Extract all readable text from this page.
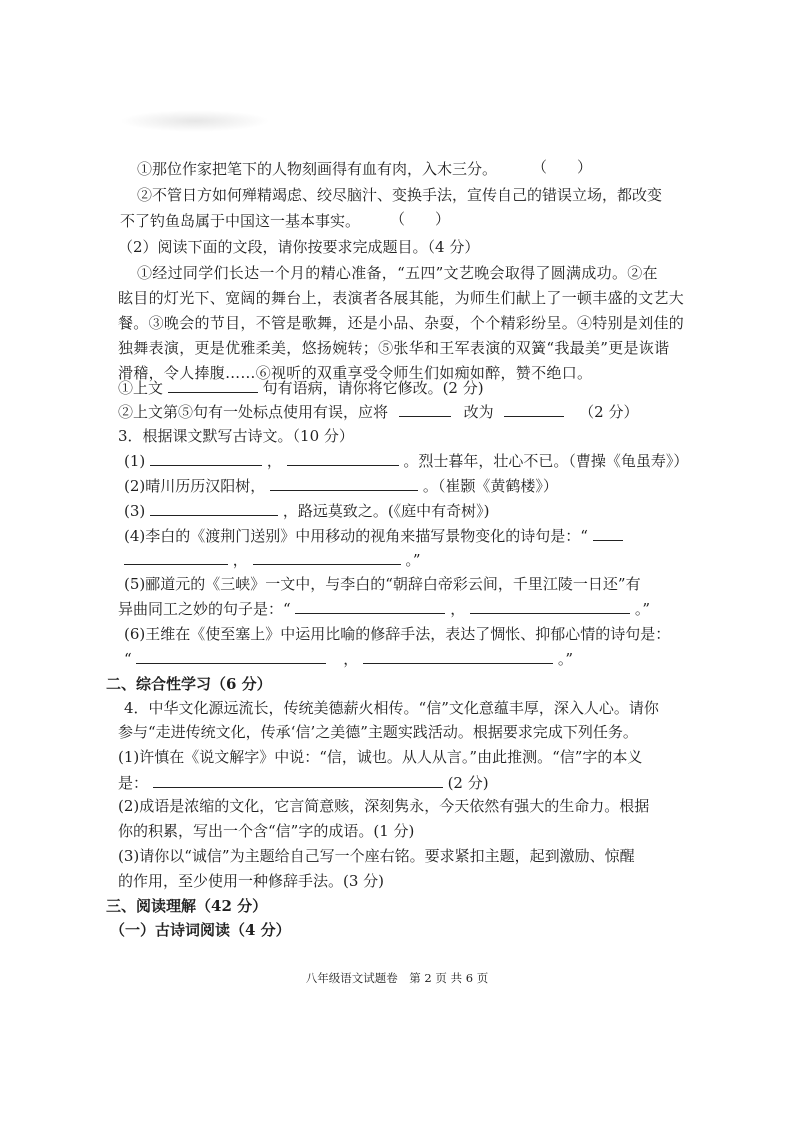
①那位作家把笔下的人物刻画得有血有肉，入木三分。 （　　）
②不管日方如何殚精竭虑、绞尽脑汁、变换手法，宣传自己的错误立场，都改变
不了钓鱼岛属于中国这一基本事实。 （　　）
（2）阅读下面的文段，请你按要求完成题目。（4 分）
①经过同学们长达一个月的精心准备，“五四”文艺晚会取得了圆满成功。②在
眩目的灯光下、宽阔的舞台上，表演者各展其能，为师生们献上了一顿丰盛的文艺大
餐。③晚会的节目，不管是歌舞，还是小品、杂耍，个个精彩纷呈。④特别是刘佳的
独舞表演，更是优雅柔美，悠扬婉转；⑤张华和王军表演的双簧“我最美”更是诙谐
滑稽，令人捧腹……⑥视听的双重享受令师生们如痴如醉，赞不绝口。
①上文	句有语病，请你将它修改。(2 分)
②上文第⑤句有一处标点使用有误，应将	改为	（2 分）
3．根据课文默写古诗文。（10 分）
(1)	，	。烈士暮年，壮心不已。（曹操《龟虽寿》）
(2)晴川历历汉阳树，	。（崔颢《黄鹤楼》）
(3)	，路远莫致之。(《庭中有奇树》)
(4)李白的《渡荆门送别》中用移动的视角来描写景物变化的诗句是：“
，	。”
(5)郦道元的《三峡》一文中，与李白的“朝辞白帝彩云间，千里江陵一日还”有
异曲同工之妙的句子是：“	，	。”
(6)王维在《使至塞上》中运用比喻的修辞手法，表达了惆怅、抑郁心情的诗句是：
“	，	。”
二、综合性学习（6 分）
4．中华文化源远流长，传统美德薪火相传。“信”文化意蕴丰厚，深入人心。请你
参与“走进传统文化，传承‘信’之美德”主题实践活动。根据要求完成下列任务。
(1)许慎在《说文解字》中说：“信，诚也。从人从言。”由此推测。“信”字的本义
是：	(2 分)
(2)成语是浓缩的文化，它言简意赅，深刻隽永，今天依然有强大的生命力。根据
你的积累，写出一个含“信”字的成语。(1 分)
(3)请你以“诚信”为主题给自己写一个座右铭。要求紧扣主题，起到激励、惊醒
的作用，至少使用一种修辞手法。(3 分)
三、阅读理解（42 分）
（一）古诗词阅读（4 分）
八年级语文试题卷　第 2 页 共 6 页
